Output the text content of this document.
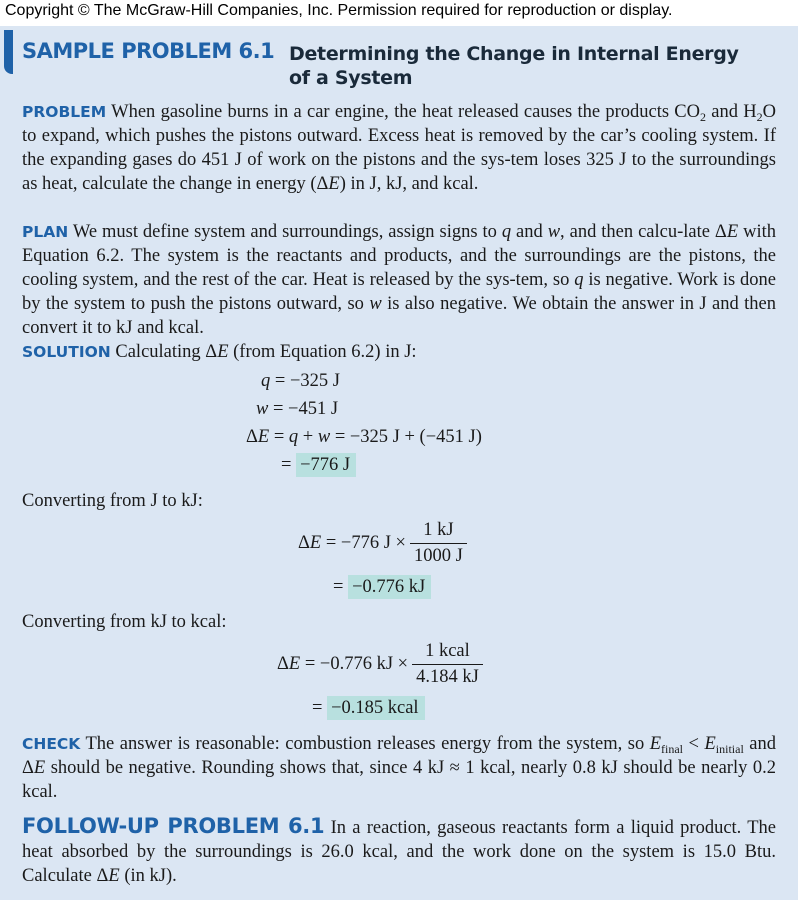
Copyright © The McGraw-Hill Companies, Inc. Permission required for reproduction or display.
SAMPLE PROBLEM 6.1 Determining the Change in Internal Energy
of a System
PROBLEM When gasoline burns in a car engine, the heat released causes the products $CO_2$ and $H_2O$ to expand, which pushes the pistons outward. Excess heat is removed by the car’s cooling system. If the expanding gases do 451 J of work on the pistons and the sys-tem loses 325 J to the surroundings as heat, calculate the change in energy (ΔE) in J, kJ, and kcal.
PLAN We must define system and surroundings, assign signs to q and w, and then calcu-late ΔE with Equation 6.2. The system is the reactants and products, and the surroundings are the pistons, the cooling system, and the rest of the car. Heat is released by the sys-tem, so q is negative. Work is done by the system to push the pistons outward, so w is also negative. We obtain the answer in J and then convert it to kJ and kcal.
SOLUTION Calculating ΔE (from Equation 6.2) in J:
q = −325 J
w = −451 J
ΔE = q + w = −325 J + (−451 J)
= −776 J
Converting from J to kJ:
ΔE = −776 $J \times \frac{1 kJ}{1000 J}$
= −0.776 kJ
Converting from kJ to kcal:
ΔE = −0.776 kJ × $\frac{\text{1 kcal}}{4.184 kJ}$
= −0.185 kcal
CHECK The answer is reasonable: combustion releases energy from the system, so $E_{final} < E_{initial}$ and ΔE should be negative. Rounding shows that, since 4 kJ ≈ 1 kcal, nearly 0.8 kJ should be nearly 0.2 kcal.
FOLLOW-UP PROBLEM 6.1 In a reaction, gaseous reactants form a liquid product. The heat absorbed by the surroundings is 26.0 kcal, and the work done on the system is 15.0 Btu. Calculate ΔE (in kJ).
